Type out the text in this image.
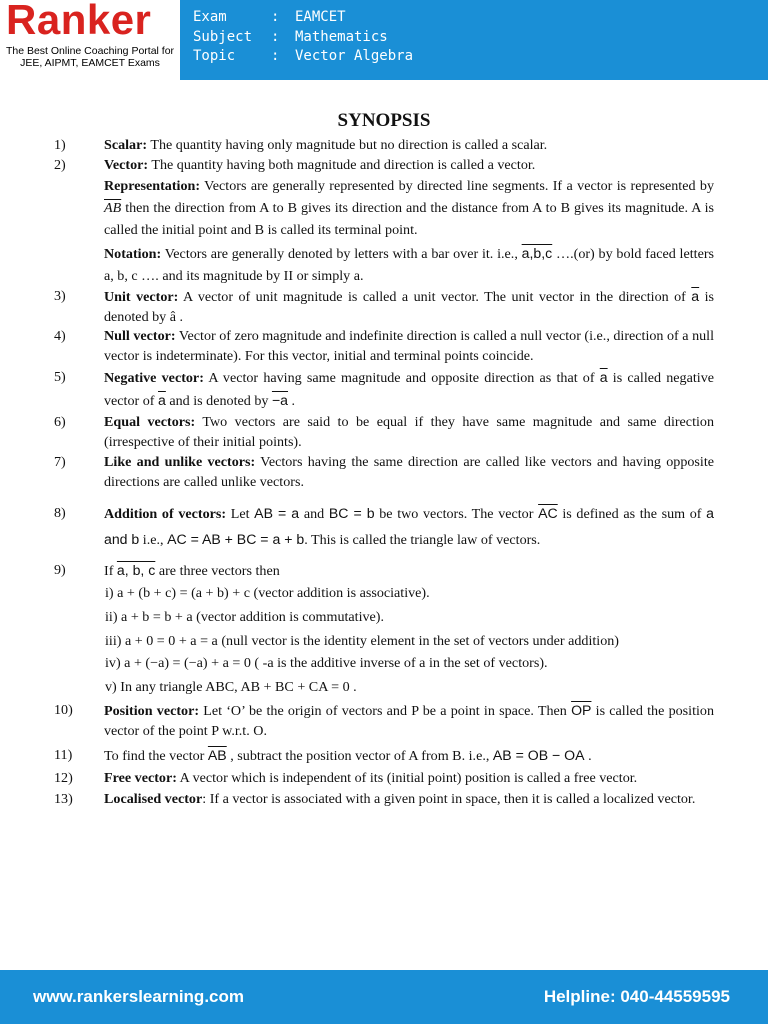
Ranker
The Best Online Coaching Portal for
JEE, AIPMT, EAMCET Exams
Exam	:	EAMCET
Subject	:	Mathematics
Topic	:	Vector Algebra
SYNOPSIS
1)	Scalar: The quantity having only magnitude but no direction is called a scalar.
2)	Vector: The quantity having both magnitude and direction is called a vector.
Representation: Vectors are generally represented by directed line segments. If a vector is represented by $\overline{AB}$ then the direction from A to B gives its direction and the distance from A to B gives its magnitude. A is called the initial point and B is called its terminal point.
Notation: Vectors are generally denoted by letters with a bar over it. i.e., a,b,c ….(or) by bold faced letters a, b, c …. and its magnitude by II or simply a.
3)	Unit vector: A vector of unit magnitude is called a unit vector. The unit vector in the direction of $\overline{a}$ is denoted by â .
4)	Null vector: Vector of zero magnitude and indefinite direction is called a null vector (i.e., direction of a null vector is indeterminate). For this vector, initial and terminal points coincide.
5)	Negative vector: A vector having same magnitude and opposite direction as that of $\overline{a}$ is called negative vector of $\overline{a}$ and is denoted by −a .
6)	Equal vectors: Two vectors are said to be equal if they have same magnitude and same direction (irrespective of their initial points).
7)	Like and unlike vectors: Vectors having the same direction are called like vectors and having opposite directions are called unlike vectors.
8)	Addition of vectors: Let AB = a and BC = b be two vectors. The vector $\overline{AC}$ is defined as the sum of a and b i.e., AC = AB + BC = a + b. This is called the triangle law of vectors.
9)	If a, b, c are three vectors then
i) a + (b + c) = (a + b) + c (vector addition is associative).
ii) a + b = b + a (vector addition is commutative).
iii) a + 0 = 0 + a = a (null vector is the identity element in the set of vectors under addition)
iv) a + (−a) = (−a) + a = 0 ( -a is the additive inverse of a in the set of vectors).
v) In any triangle ABC, AB + BC + CA = 0 .
10) Position vector: Let ‘O’ be the origin of vectors and P be a point in space. Then $\overline{OP}$ is called the position vector of the point P w.r.t. O.
11) To find the vector $\overline{AB}$ , subtract the position vector of A from B. i.e., AB = OB − OA .
12) Free vector: A vector which is independent of its (initial point) position is called a free vector.
13) Localised vector: If a vector is associated with a given point in space, then it is called a localized vector.
www.rankerslearning.com	Helpline: 040-44559595
